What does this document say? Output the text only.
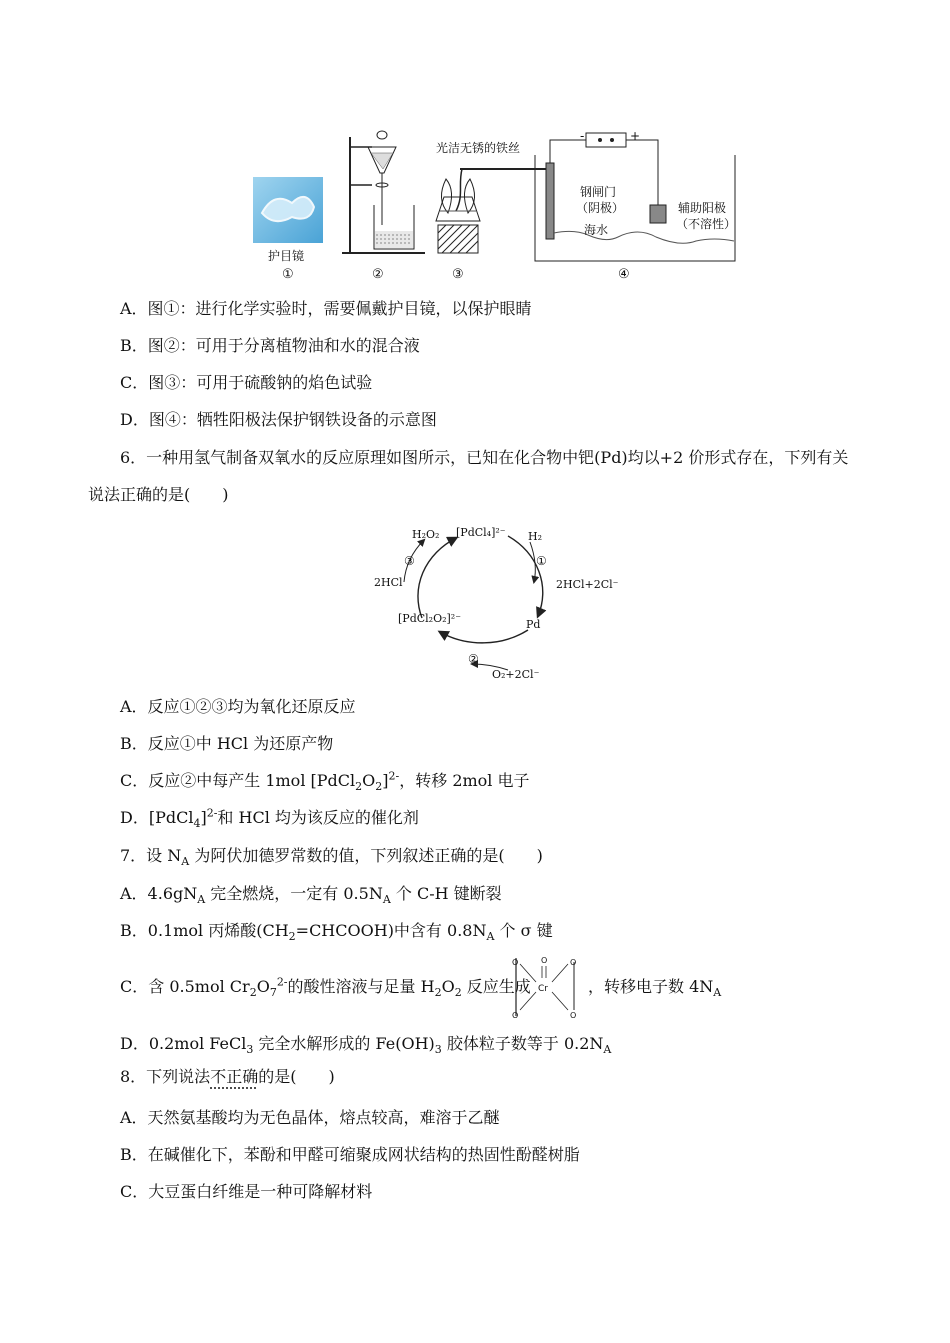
护目镜
①	②	③	④
光洁无锈的铁丝
-	+
钢闸门
（阴极）
海水
辅助阳极
（不溶性）
A．图①：进行化学实验时，需要佩戴护目镜，以保护眼睛
B．图②：可用于分离植物油和水的混合液
C．图③：可用于硫酸钠的焰色试验
D．图④：牺牲阳极法保护钢铁设备的示意图
6．一种用氢气制备双氧水的反应原理如图所示，已知在化合物中钯(Pd)均以+2 价形式存在，下列有关
说法正确的是(　　)
H₂O₂ [PdCl₄]²⁻ H₂
①
③
2HCl	2HCl+2Cl⁻
[PdCl₂O₂]²⁻	Pd
②
O₂+2Cl⁻
A．反应①②③均为氧化还原反应
B．反应①中 HCl 为还原产物
C．反应②中每产生 1mol $[PdCl_2O_2]^{2-}$，转移 2mol 电子
D．[PdCl$_4$]$^{2-}$和 HCl 均为该反应的催化剂
7．设 $N_A$ 为阿伏加德罗常数的值，下列叙述正确的是(　　)
A．$4.6gN_A$ 完全燃烧，一定有 $0.5N_A$ 个 C-H 键断裂
B．0.1mol 丙烯酸$(CH_2=CHCOOH)$中含有 $0.8N_A$ 个 σ 键
C．含 0.5mol $Cr_2O_7^{2-}$的酸性溶液与足量 $H_2O_2$ 反应生成 Cr
O
O	O
O	O
，转移电子数 $4N_A$
D．0.2mol FeCl$_3$ 完全水解形成的 $Fe(OH)_3$ 胶体粒子数等于 $0.2N_A$
8．下列说法不正确的是(　　)
A．天然氨基酸均为无色晶体，熔点较高，难溶于乙醚
B．在碱催化下，苯酚和甲醛可缩聚成网状结构的热固性酚醛树脂
C．大豆蛋白纤维是一种可降解材料
